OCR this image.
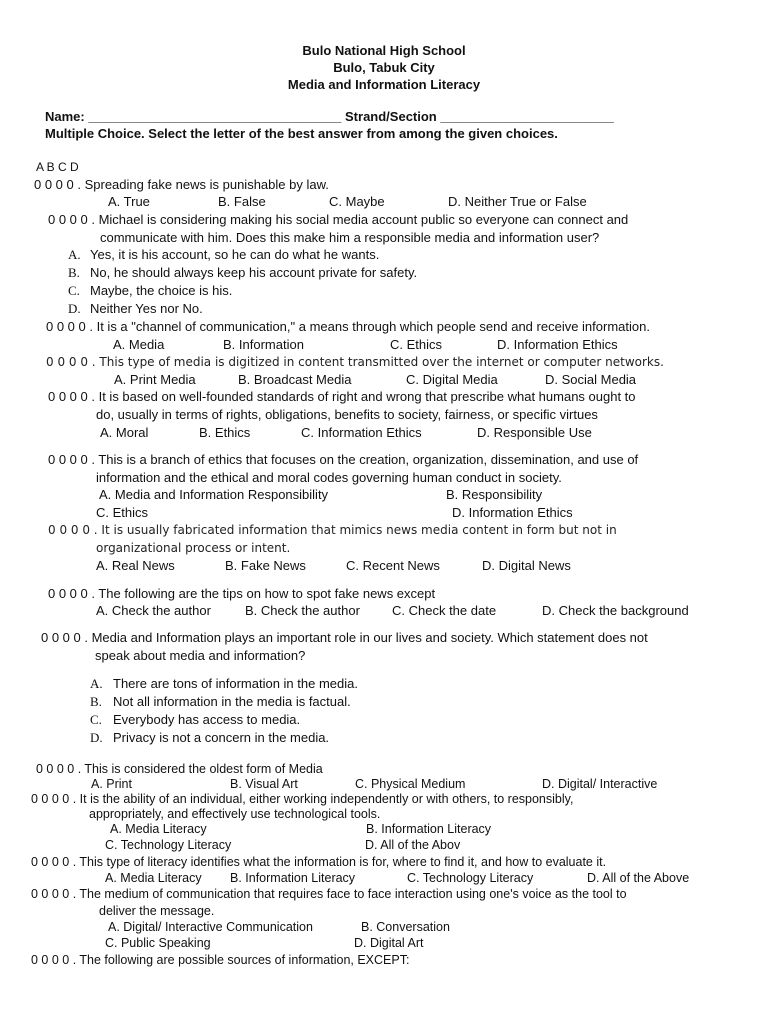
Bulo National High School
Bulo, Tabuk City
Media and Information Literacy
Name: ___________________________________ Strand/Section ________________________
Multiple Choice. Select the letter of the best answer from among the given choices.
A B C D
0 0 0 0 . Spreading fake news is punishable by law.
A. True	B. False	C. Maybe	D. Neither True or False
0 0 0 0 . Michael is considering making his social media account public so everyone can connect and
communicate with him. Does this make him a responsible media and information user?
A. Yes, it is his account, so he can do what he wants.
B. No, he should always keep his account private for safety.
C. Maybe, the choice is his.
D. Neither Yes nor No.
0 0 0 0 . It is a "channel of communication," a means through which people send and receive information.
A. Media	B. Information	C. Ethics	D. Information Ethics
0 0 0 0 . This type of media is digitized in content transmitted over the internet or computer networks.
A. Print Media	B. Broadcast Media	C. Digital Media	D. Social Media
0 0 0 0 . It is based on well-founded standards of right and wrong that prescribe what humans ought to
do, usually in terms of rights, obligations, benefits to society, fairness, or specific virtues
A. Moral	B. Ethics	C. Information Ethics	D. Responsible Use
0 0 0 0 . This is a branch of ethics that focuses on the creation, organization, dissemination, and use of
information and the ethical and moral codes governing human conduct in society.
A. Media and Information Responsibility	B. Responsibility
C. Ethics	D. Information Ethics
0 0 0 0 . It is usually fabricated information that mimics news media content in form but not in
organizational process or intent.
A. Real News	B. Fake News	C. Recent News	D. Digital News
0 0 0 0 . The following are the tips on how to spot fake news except
A. Check the author	B. Check the author C. Check the date	D. Check the background
0 0 0 0 . Media and Information plays an important role in our lives and society. Which statement does not
speak about media and information?
A. There are tons of information in the media.
B. Not all information in the media is factual.
C. Everybody has access to media.
D. Privacy is not a concern in the media.
0 0 0 0 . This is considered the oldest form of Media
A. Print	B. Visual Art	C. Physical Medium	D. Digital/ Interactive
0 0 0 0 . It is the ability of an individual, either working independently or with others, to responsibly,
appropriately, and effectively use technological tools.
A. Media Literacy	B. Information Literacy
C. Technology Literacy	D. All of the Abov
0 0 0 0 . This type of literacy identifies what the information is for, where to find it, and how to evaluate it.
A. Media Literacy B. Information Literacy	C. Technology Literacy	D. All of the Above
0 0 0 0 . The medium of communication that requires face to face interaction using one's voice as the tool to
deliver the message.
A. Digital/ Interactive Communication	B. Conversation
C. Public Speaking	D. Digital Art
0 0 0 0 . The following are possible sources of information, EXCEPT:
